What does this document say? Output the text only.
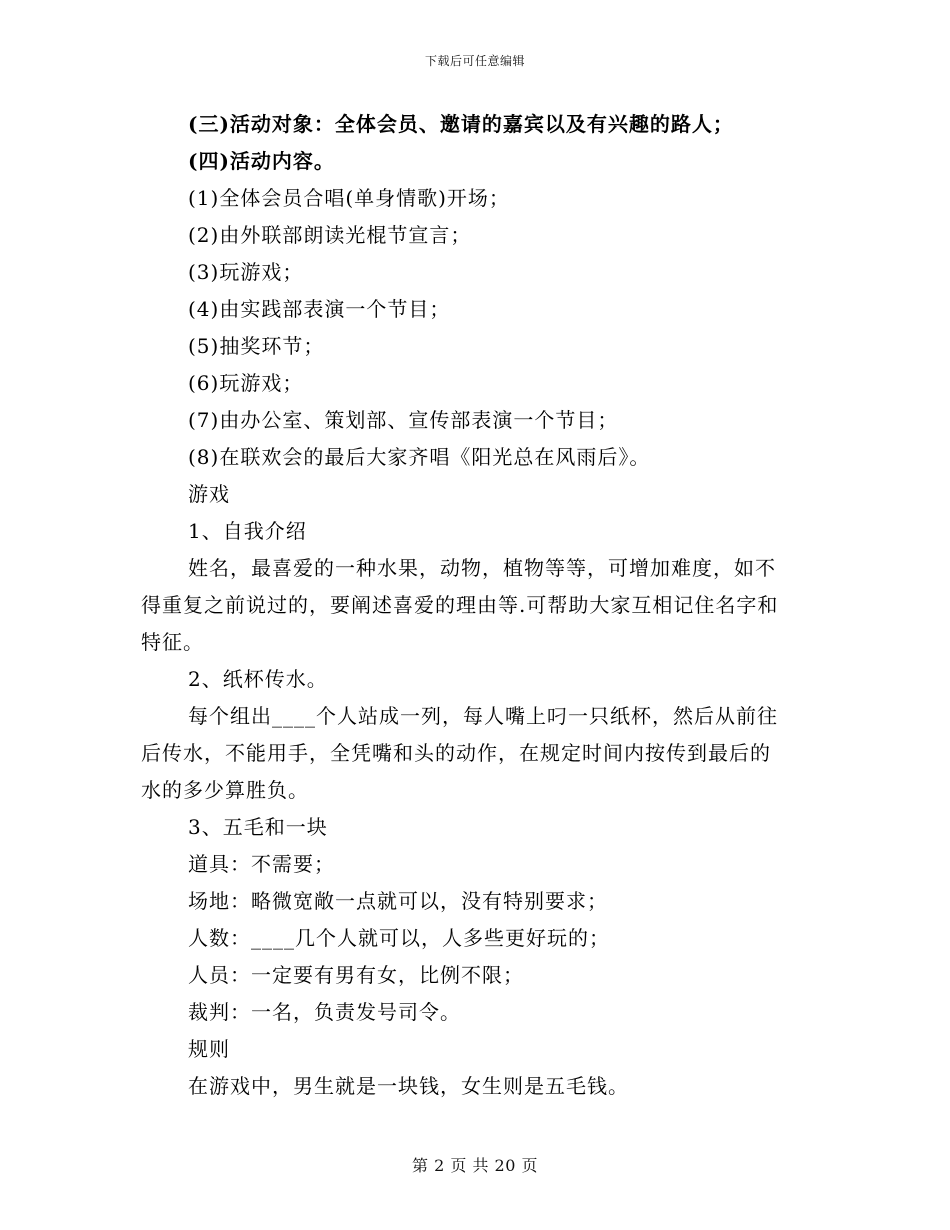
下载后可任意编辑
(三)活动对象：全体会员、邀请的嘉宾以及有兴趣的路人；
(四)活动内容。
(1)全体会员合唱(单身情歌)开场；
(2)由外联部朗读光棍节宣言；
(3)玩游戏；
(4)由实践部表演一个节目；
(5)抽奖环节；
(6)玩游戏；
(7)由办公室、策划部、宣传部表演一个节目；
(8)在联欢会的最后大家齐唱《阳光总在风雨后》。
游戏
1、自我介绍
姓名，最喜爱的一种水果，动物，植物等等，可增加难度，如不
得重复之前说过的，要阐述喜爱的理由等.可帮助大家互相记住名字和
特征。
2、纸杯传水。
每个组出____个人站成一列，每人嘴上叼一只纸杯，然后从前往
后传水，不能用手，全凭嘴和头的动作，在规定时间内按传到最后的
水的多少算胜负。
3、五毛和一块
道具：不需要；
场地：略微宽敞一点就可以，没有特别要求；
人数：____几个人就可以，人多些更好玩的；
人员：一定要有男有女，比例不限；
裁判：一名，负责发号司令。
规则
在游戏中，男生就是一块钱，女生则是五毛钱。
第 2 页 共 20 页
